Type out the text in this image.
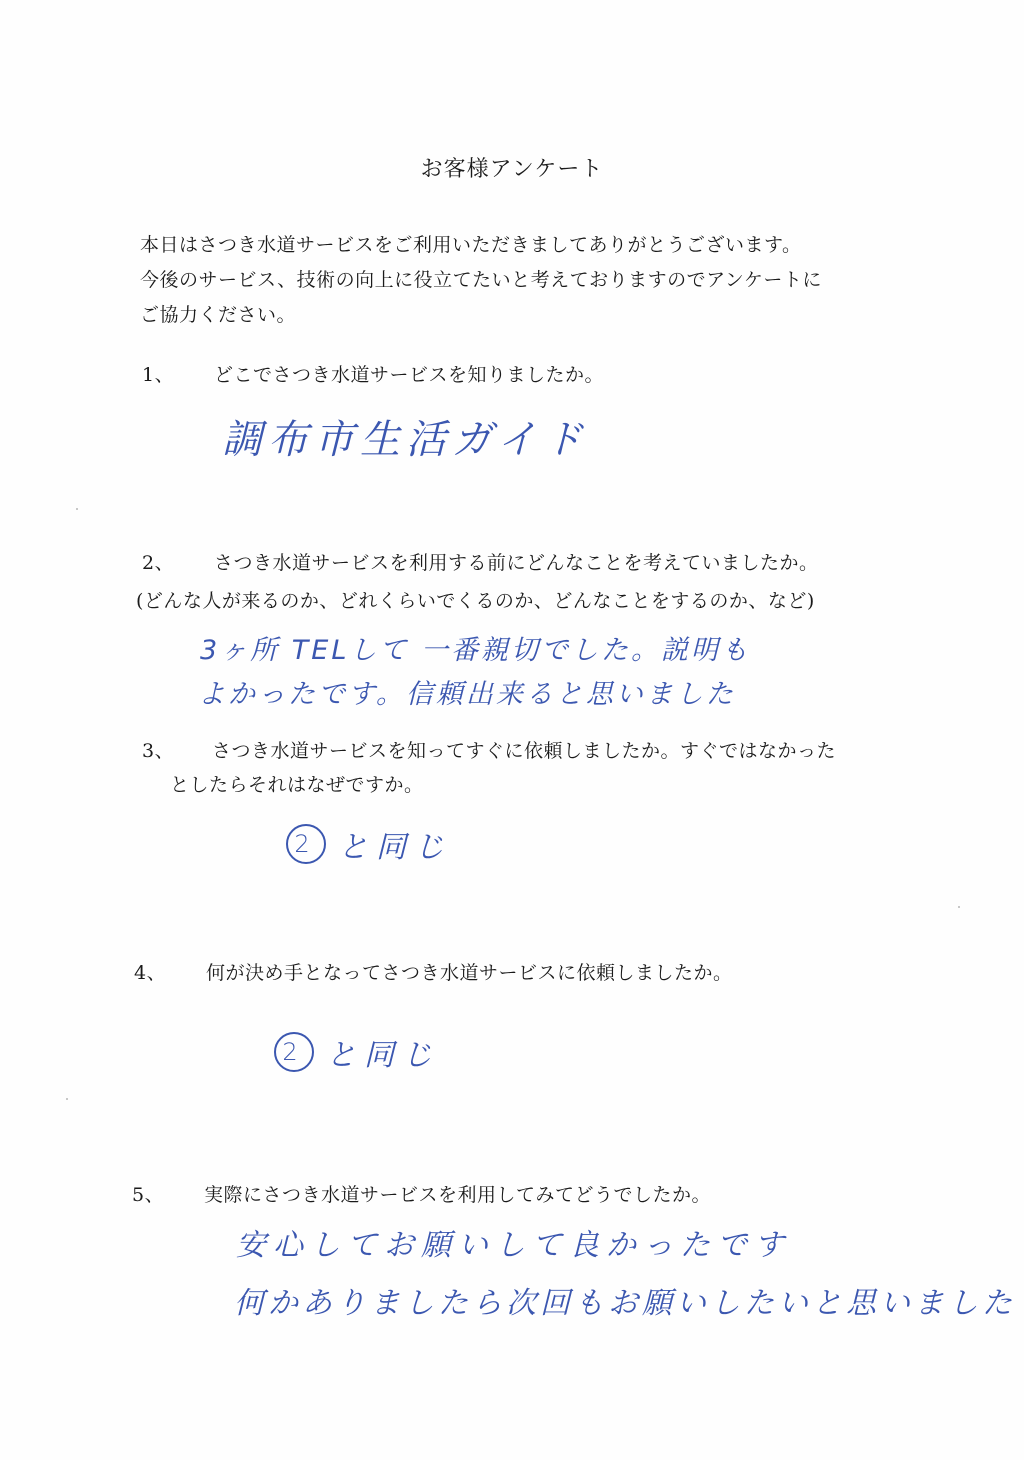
お客様アンケート
本日はさつき水道サービスをご利用いただきましてありがとうございます。
今後のサービス、技術の向上に役立てたいと考えておりますのでアンケートに
ご協力ください。
1、 どこでさつき水道サービスを知りましたか。
調布市生活ガイド
2、 さつき水道サービスを利用する前にどんなことを考えていましたか。
(どんな人が来るのか、どれくらいでくるのか、どんなことをするのか、など)
3ヶ所 TELして 一番親切でした。説明も
よかったです。信頼出来ると思いました
3、 さつき水道サービスを知ってすぐに依頼しましたか。すぐではなかった
としたらそれはなぜですか。
2 と同じ
4、 何が決め手となってさつき水道サービスに依頼しましたか。
2 と同じ
5、 実際にさつき水道サービスを利用してみてどうでしたか。
安心してお願いして良かったです
何かありましたら次回もお願いしたいと思いました
